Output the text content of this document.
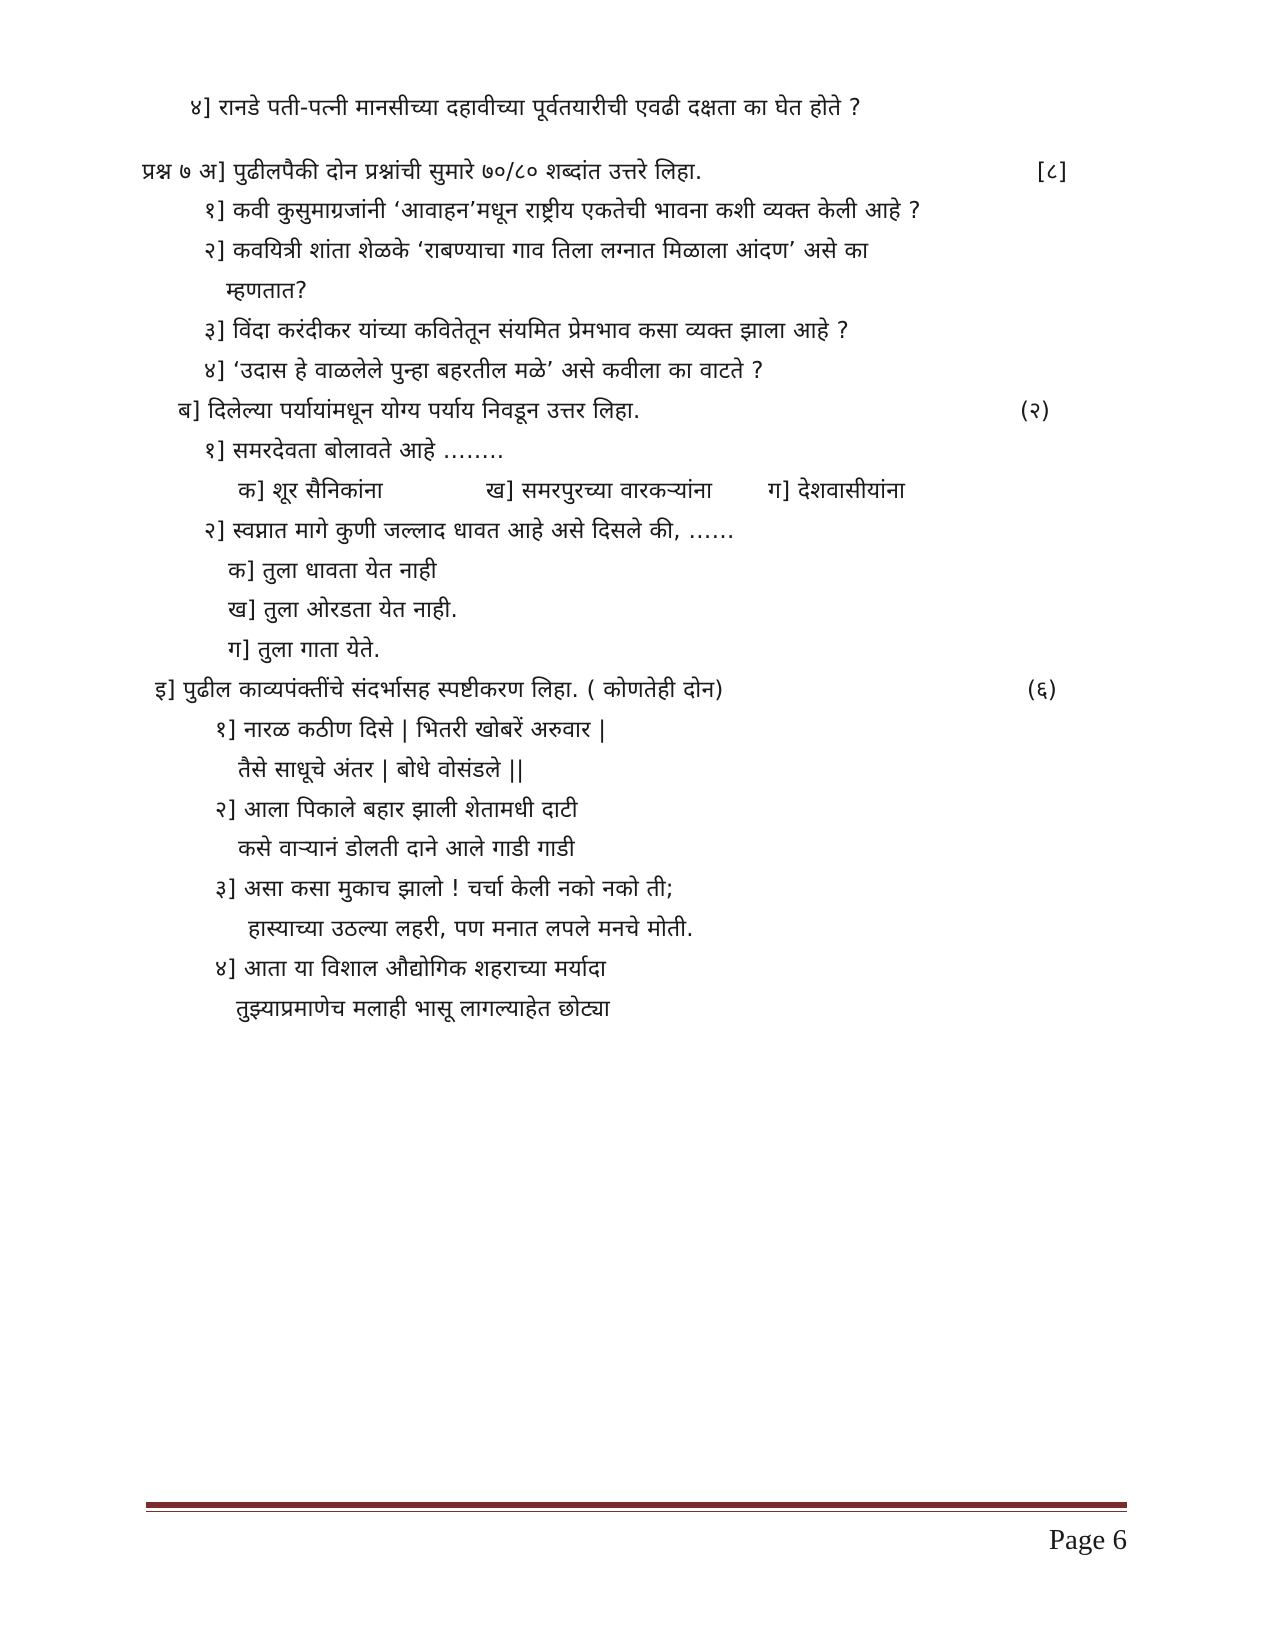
४] रानडे पती-पत्नी मानसीच्या दहावीच्या पूर्वतयारीची एवढी दक्षता का घेत होते ?
प्रश्न ७ अ] पुढीलपैकी दोन प्रश्नांची सुमारे ७०/८० शब्दांत उत्तरे लिहा.	[८]
१] कवी कुसुमाग्रजांनी ‘आवाहन’मधून राष्ट्रीय एकतेची भावना कशी व्यक्त केली आहे ?
२] कवयित्री शांता शेळके ‘राबण्याचा गाव तिला लग्नात मिळाला आंदण’ असे का
म्हणतात?
३] विंदा करंदीकर यांच्या कवितेतून संयमित प्रेमभाव कसा व्यक्त झाला आहे ?
४] ‘उदास हे वाळलेले पुन्हा बहरतील मळे’ असे कवीला का वाटते ?
ब] दिलेल्या पर्यायांमधून योग्य पर्याय निवडून उत्तर लिहा.	(२)
१] समरदेवता बोलावते आहे ……..
क] शूर सैनिकांना	ख] समरपुरच्या वारकऱ्यांना ग] देशवासीयांना
२] स्वप्नात मागे कुणी जल्लाद धावत आहे असे दिसले की, ……
क] तुला धावता येत नाही
ख] तुला ओरडता येत नाही.
ग] तुला गाता येते.
इ] पुढील काव्यपंक्तींचे संदर्भासह स्पष्टीकरण लिहा. ( कोणतेही दोन)	(६)
१] नारळ कठीण दिसे | भितरी खोबरें अरुवार |
तैसे साधूचे अंतर | बोधे वोसंडले ||
२] आला पिकाले बहार झाली शेतामधी दाटी
कसे वाऱ्यानं डोलती दाने आले गाडी गाडी
३] असा कसा मुकाच झालो ! चर्चा केली नको नको ती;
हास्याच्या उठल्या लहरी, पण मनात लपले मनचे मोती.
४] आता या विशाल औद्योगिक शहराच्या मर्यादा
तुझ्याप्रमाणेच मलाही भासू लागल्याहेत छोट्या
Page 6
